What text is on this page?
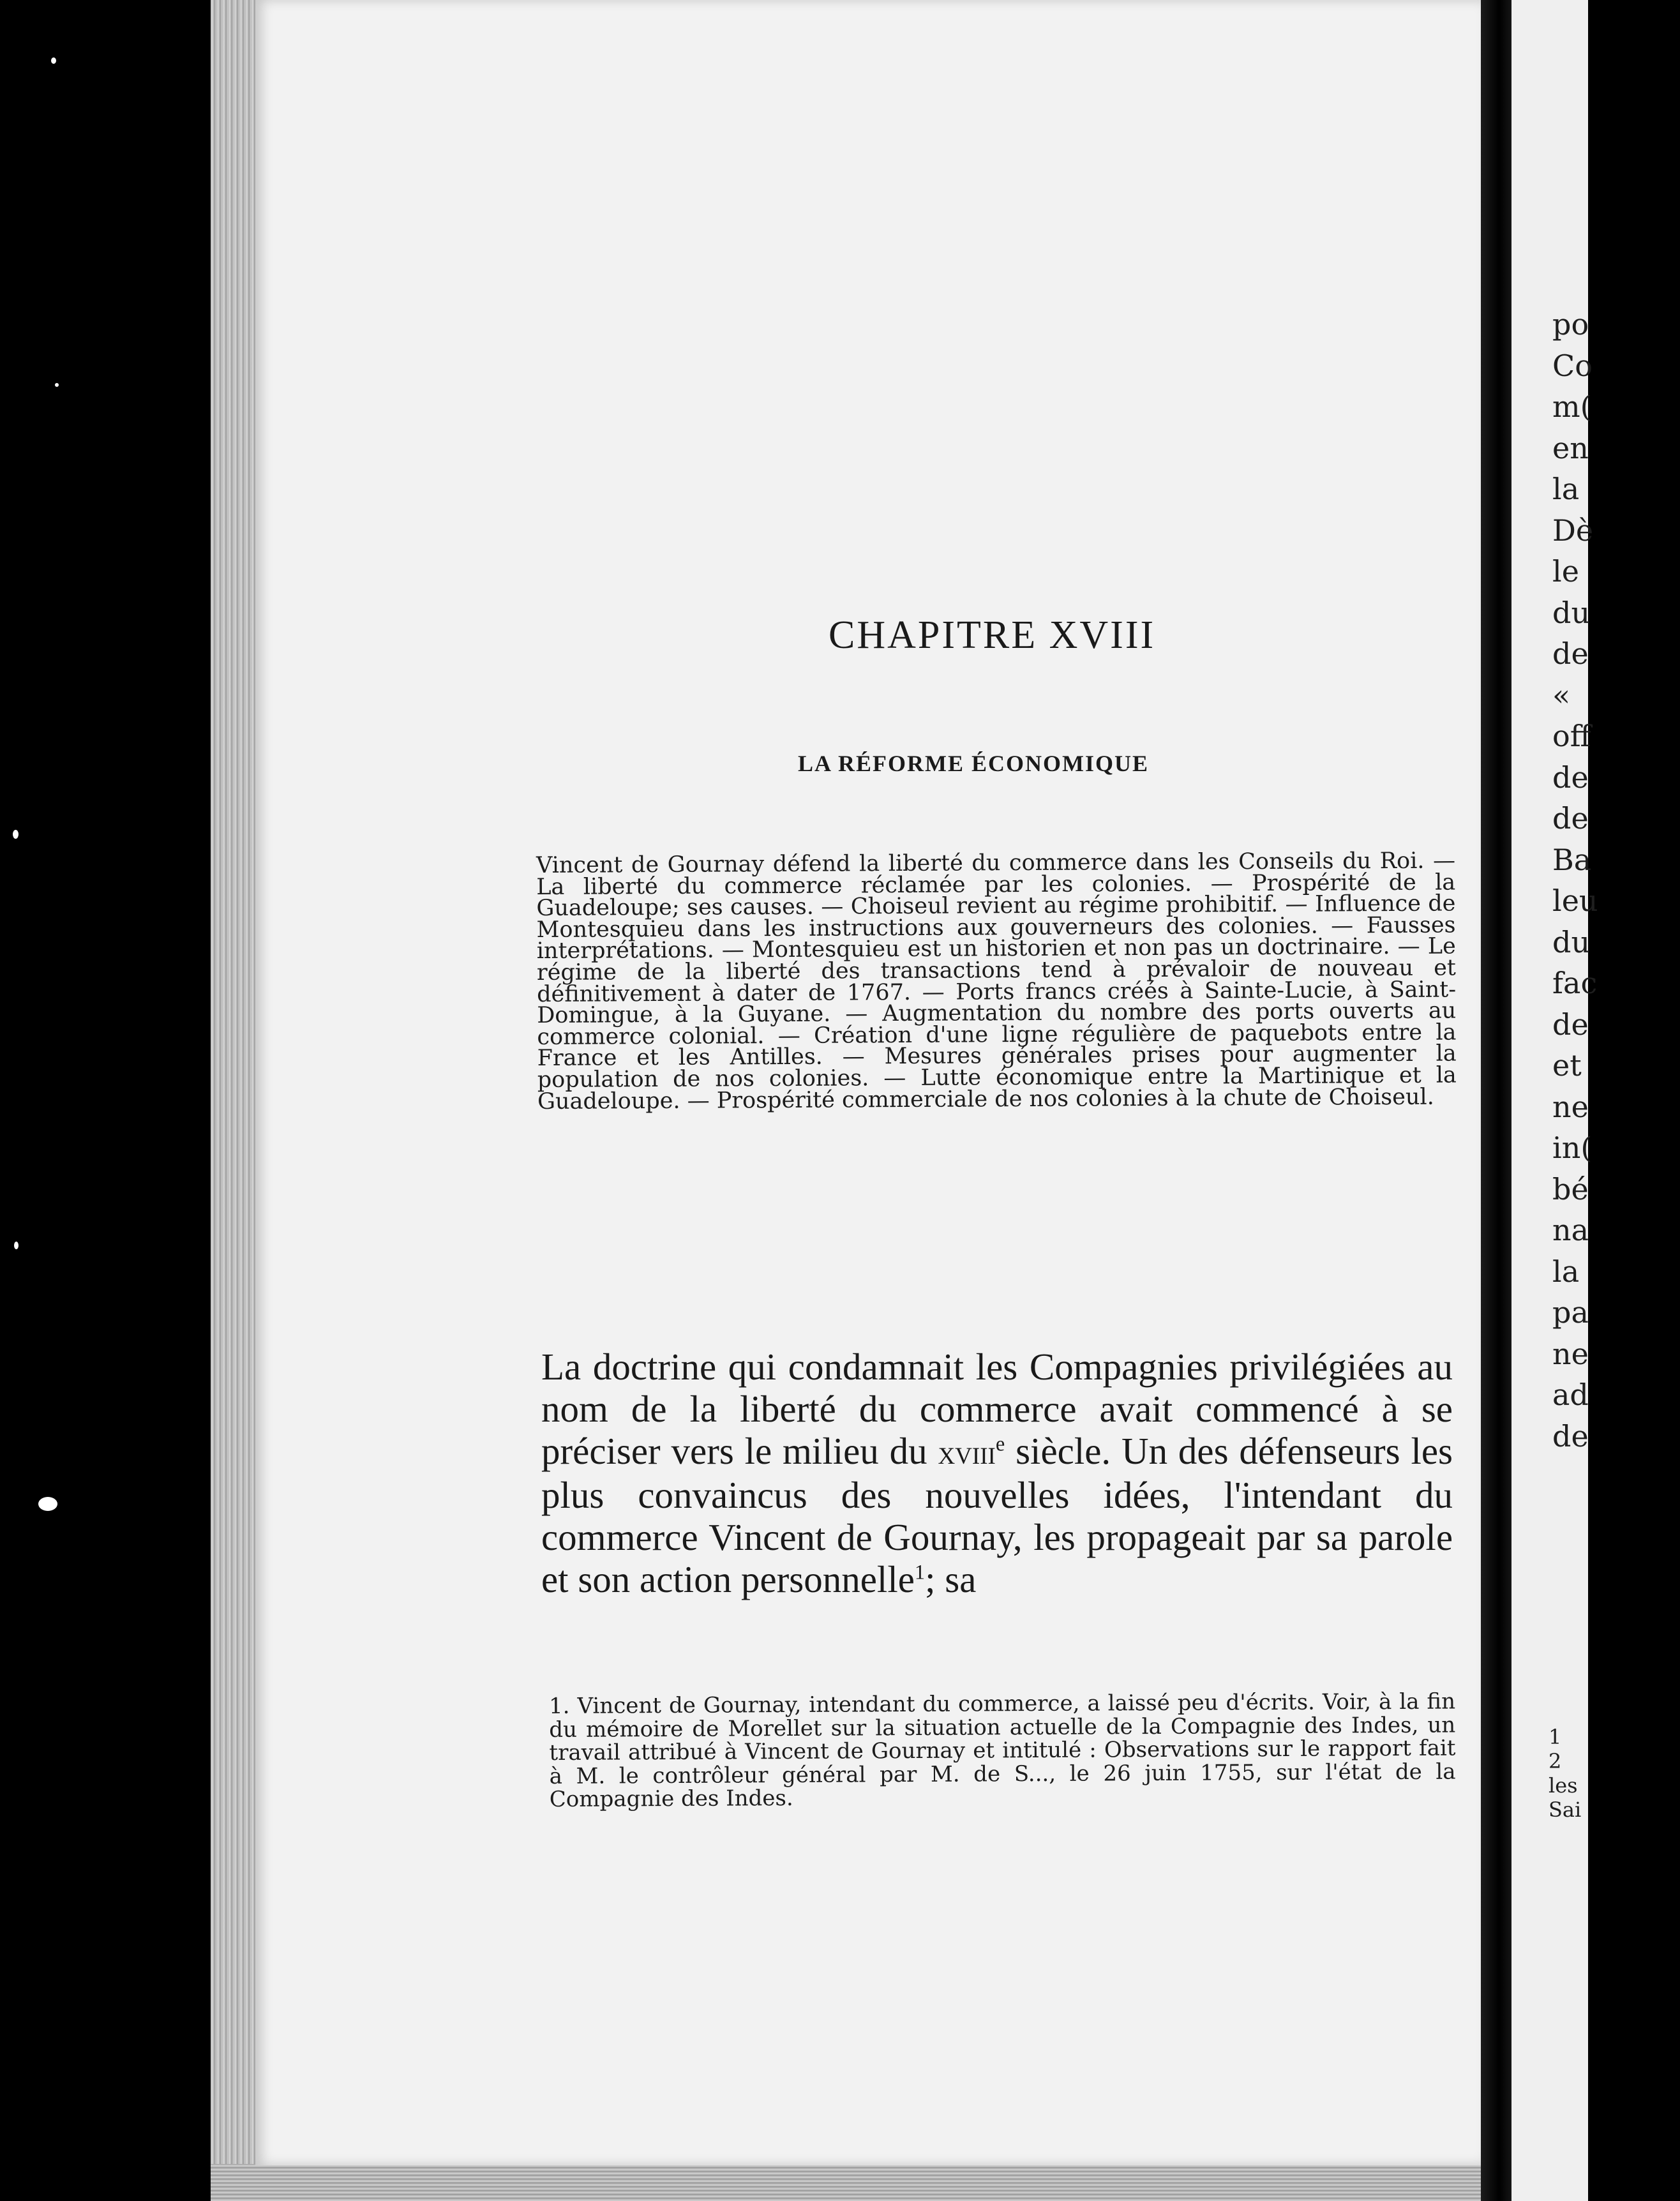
CHAPITRE XVIII
LA RÉFORME ÉCONOMIQUE

Vincent de Gournay défend la liberté du commerce dans les Conseils du Roi. — La liberté du commerce réclamée par les colonies. — Prospérité de la Guadeloupe; ses causes. — Choiseul revient au régime prohibitif. — Influence de Montesquieu dans les instructions aux gouverneurs des colonies. — Fausses interprétations. — Montesquieu est un historien et non pas un doctrinaire. — Le régime de la liberté des transactions tend à prévaloir de nouveau et définitivement à dater de 1767. — Ports francs créés à Sainte-Lucie, à Saint-Domingue, à la Guyane. — Augmentation du nombre des ports ouverts au commerce colonial. — Création d'une ligne régulière de paquebots entre la France et les Antilles. — Mesures générales prises pour augmenter la population de nos colonies. — Lutte économique entre la Martinique et la Guadeloupe. — Prospérité commerciale de nos colonies à la chute de Choiseul.

La doctrine qui condamnait les Compagnies privilégiées au nom de la liberté du commerce avait commencé à se préciser vers le milieu du xviii$^e$ siècle. Un des défenseurs les plus convaincus des nouvelles idées, l'intendant du commerce Vincent de Gournay, les propageait par sa parole et son action personnelle$^1$; sa

1. Vincent de Gournay, intendant du commerce, a laissé peu d'écrits. Voir, à la fin du mémoire de Morellet sur la situation actuelle de la Compagnie des Indes, un travail attribué à Vincent de Gournay et intitulé : Observations sur le rapport fait à M. le contrôleur général par M. de S..., le 26 juin 1755, sur l'état de la Compagnie des Indes.

po
Co
m(
en
la
Dè
le
du
de
«
off
de
de
Ba
leu
du
fac
de
et
ne
in(
bé
na
la
pa
ne
ad
de
1
2
les
Sai
